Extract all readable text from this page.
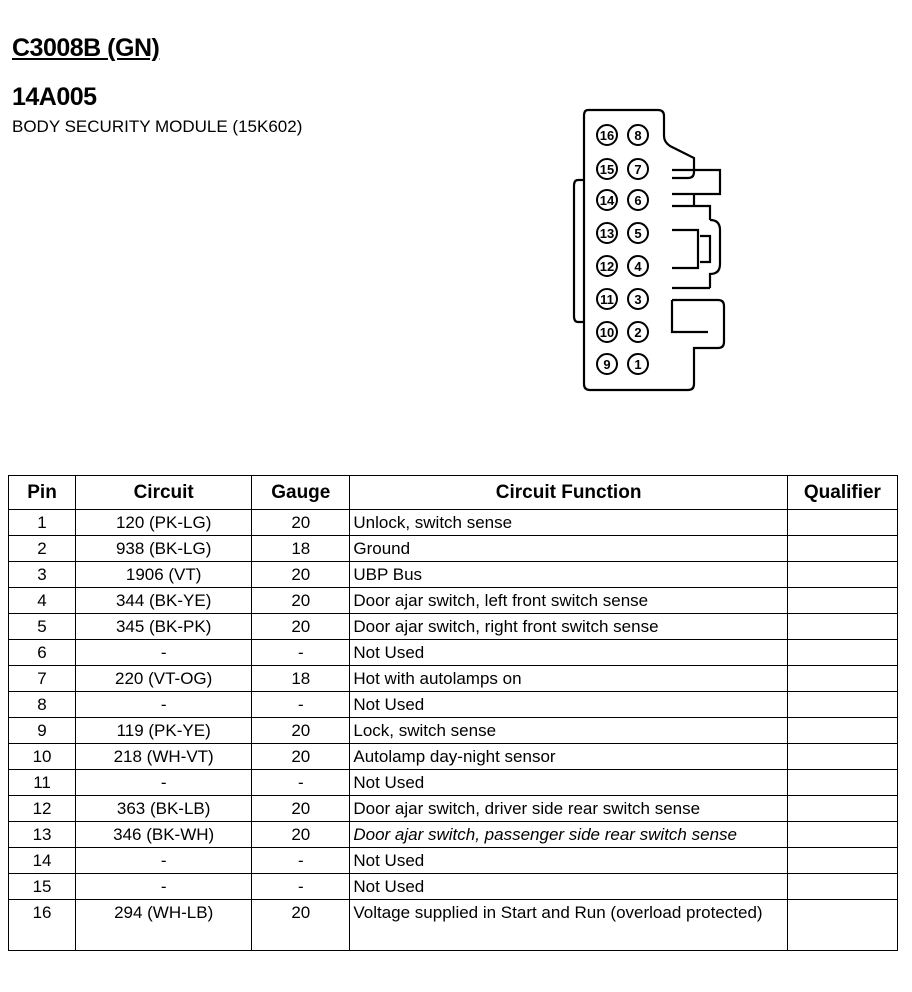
C3008B (GN)
14A005
BODY SECURITY MODULE (15K602)	16
15
14
13
12
11
10
9
8
7
6
5
4
3
2
1
Pin	Circuit	Gauge	Circuit Function	Qualifier
1	120 (PK-LG)	20	Unlock, switch sense	
2	938 (BK-LG)	18	Ground	
3	1906 (VT)	20	UBP Bus	
4	344 (BK-YE)	20	Door ajar switch, left front switch sense	
5	345 (BK-PK)	20	Door ajar switch, right front switch sense	
6	-	-	Not Used	
7	220 (VT-OG)	18	Hot with autolamps on	
8	-	-	Not Used	
9	119 (PK-YE)	20	Lock, switch sense	
10	218 (WH-VT)	20	Autolamp day-night sensor	
11	-	-	Not Used	
12	363 (BK-LB)	20	Door ajar switch, driver side rear switch sense	
13	346 (BK-WH)	20	Door ajar switch, passenger side rear switch sense	
14	-	-	Not Used	
15	-	-	Not Used	
16	294 (WH-LB)	20	Voltage supplied in Start and Run (overload protected)	
